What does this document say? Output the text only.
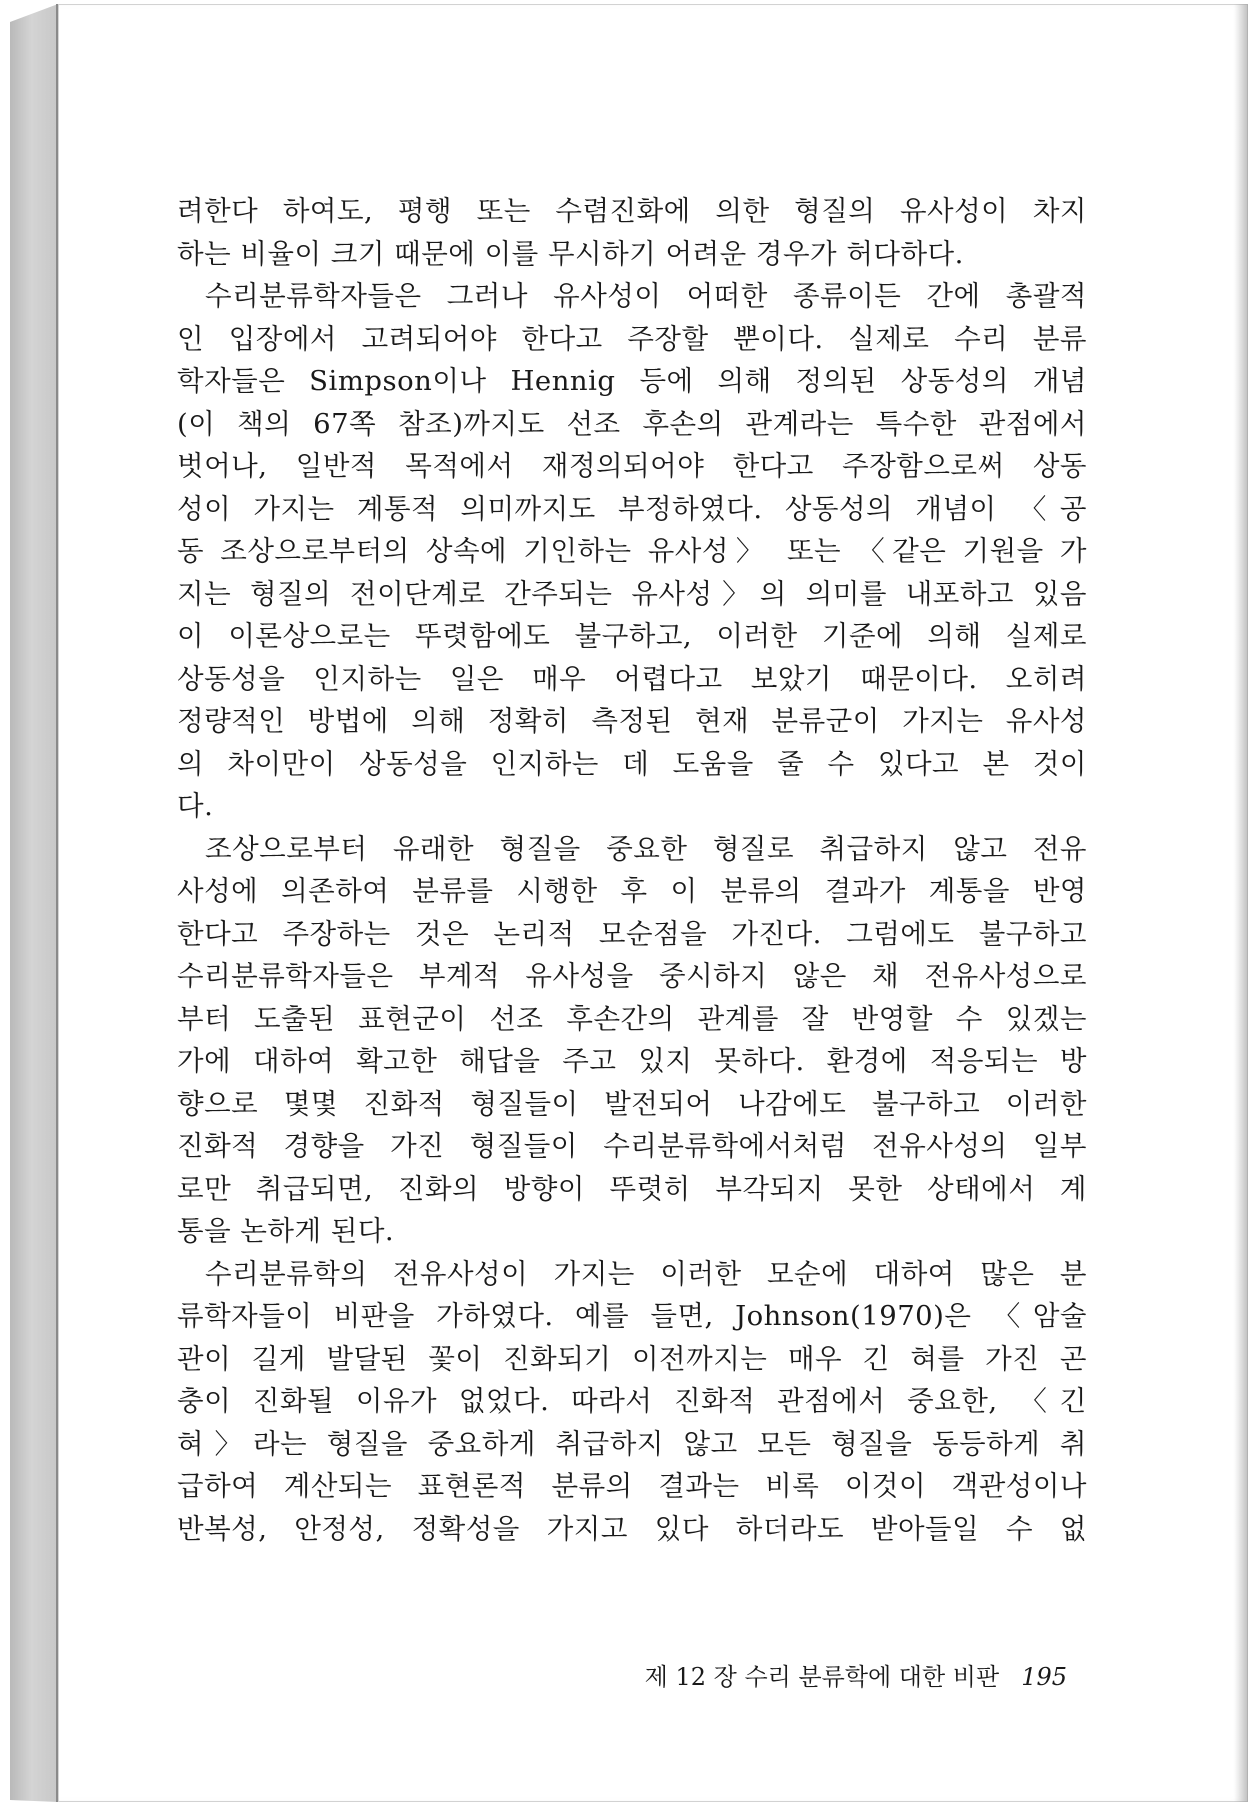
려한다 하여도, 평행 또는 수렴진화에 의한 형질의 유사성이 차지
하는 비율이 크기 때문에 이를 무시하기 어려운 경우가 허다하다.
수리분류학자들은 그러나 유사성이 어떠한 종류이든 간에 총괄적
인 입장에서 고려되어야 한다고 주장할 뿐이다. 실제로 수리 분류
학자들은 Simpson이나 Hennig 등에 의해 정의된 상동성의 개념
(이 책의 67쪽 참조)까지도 선조 후손의 관계라는 특수한 관점에서
벗어나, 일반적 목적에서 재정의되어야 한다고 주장함으로써 상동
성이 가지는 계통적 의미까지도 부정하였다. 상동성의 개념이 〈공
동 조상으로부터의 상속에 기인하는 유사성〉 또는 〈같은 기원을 가
지는 형질의 전이단계로 간주되는 유사성〉의 의미를 내포하고 있음
이 이론상으로는 뚜렷함에도 불구하고, 이러한 기준에 의해 실제로
상동성을 인지하는 일은 매우 어렵다고 보았기 때문이다. 오히려
정량적인 방법에 의해 정확히 측정된 현재 분류군이 가지는 유사성
의 차이만이 상동성을 인지하는 데 도움을 줄 수 있다고 본 것이
다.
조상으로부터 유래한 형질을 중요한 형질로 취급하지 않고 전유
사성에 의존하여 분류를 시행한 후 이 분류의 결과가 계통을 반영
한다고 주장하는 것은 논리적 모순점을 가진다. 그럼에도 불구하고
수리분류학자들은 부계적 유사성을 중시하지 않은 채 전유사성으로
부터 도출된 표현군이 선조 후손간의 관계를 잘 반영할 수 있겠는
가에 대하여 확고한 해답을 주고 있지 못하다. 환경에 적응되는 방
향으로 몇몇 진화적 형질들이 발전되어 나감에도 불구하고 이러한
진화적 경향을 가진 형질들이 수리분류학에서처럼 전유사성의 일부
로만 취급되면, 진화의 방향이 뚜렷히 부각되지 못한 상태에서 계
통을 논하게 된다.
수리분류학의 전유사성이 가지는 이러한 모순에 대하여 많은 분
류학자들이 비판을 가하였다. 예를 들면, Johnson(1970)은 〈암술
관이 길게 발달된 꽃이 진화되기 이전까지는 매우 긴 혀를 가진 곤
충이 진화될 이유가 없었다. 따라서 진화적 관점에서 중요한, 〈긴
혀〉라는 형질을 중요하게 취급하지 않고 모든 형질을 동등하게 취
급하여 계산되는 표현론적 분류의 결과는 비록 이것이 객관성이나
반복성, 안정성, 정확성을 가지고 있다 하더라도 받아들일 수 없
제 12 장 수리 분류학에 대한 비판 195
